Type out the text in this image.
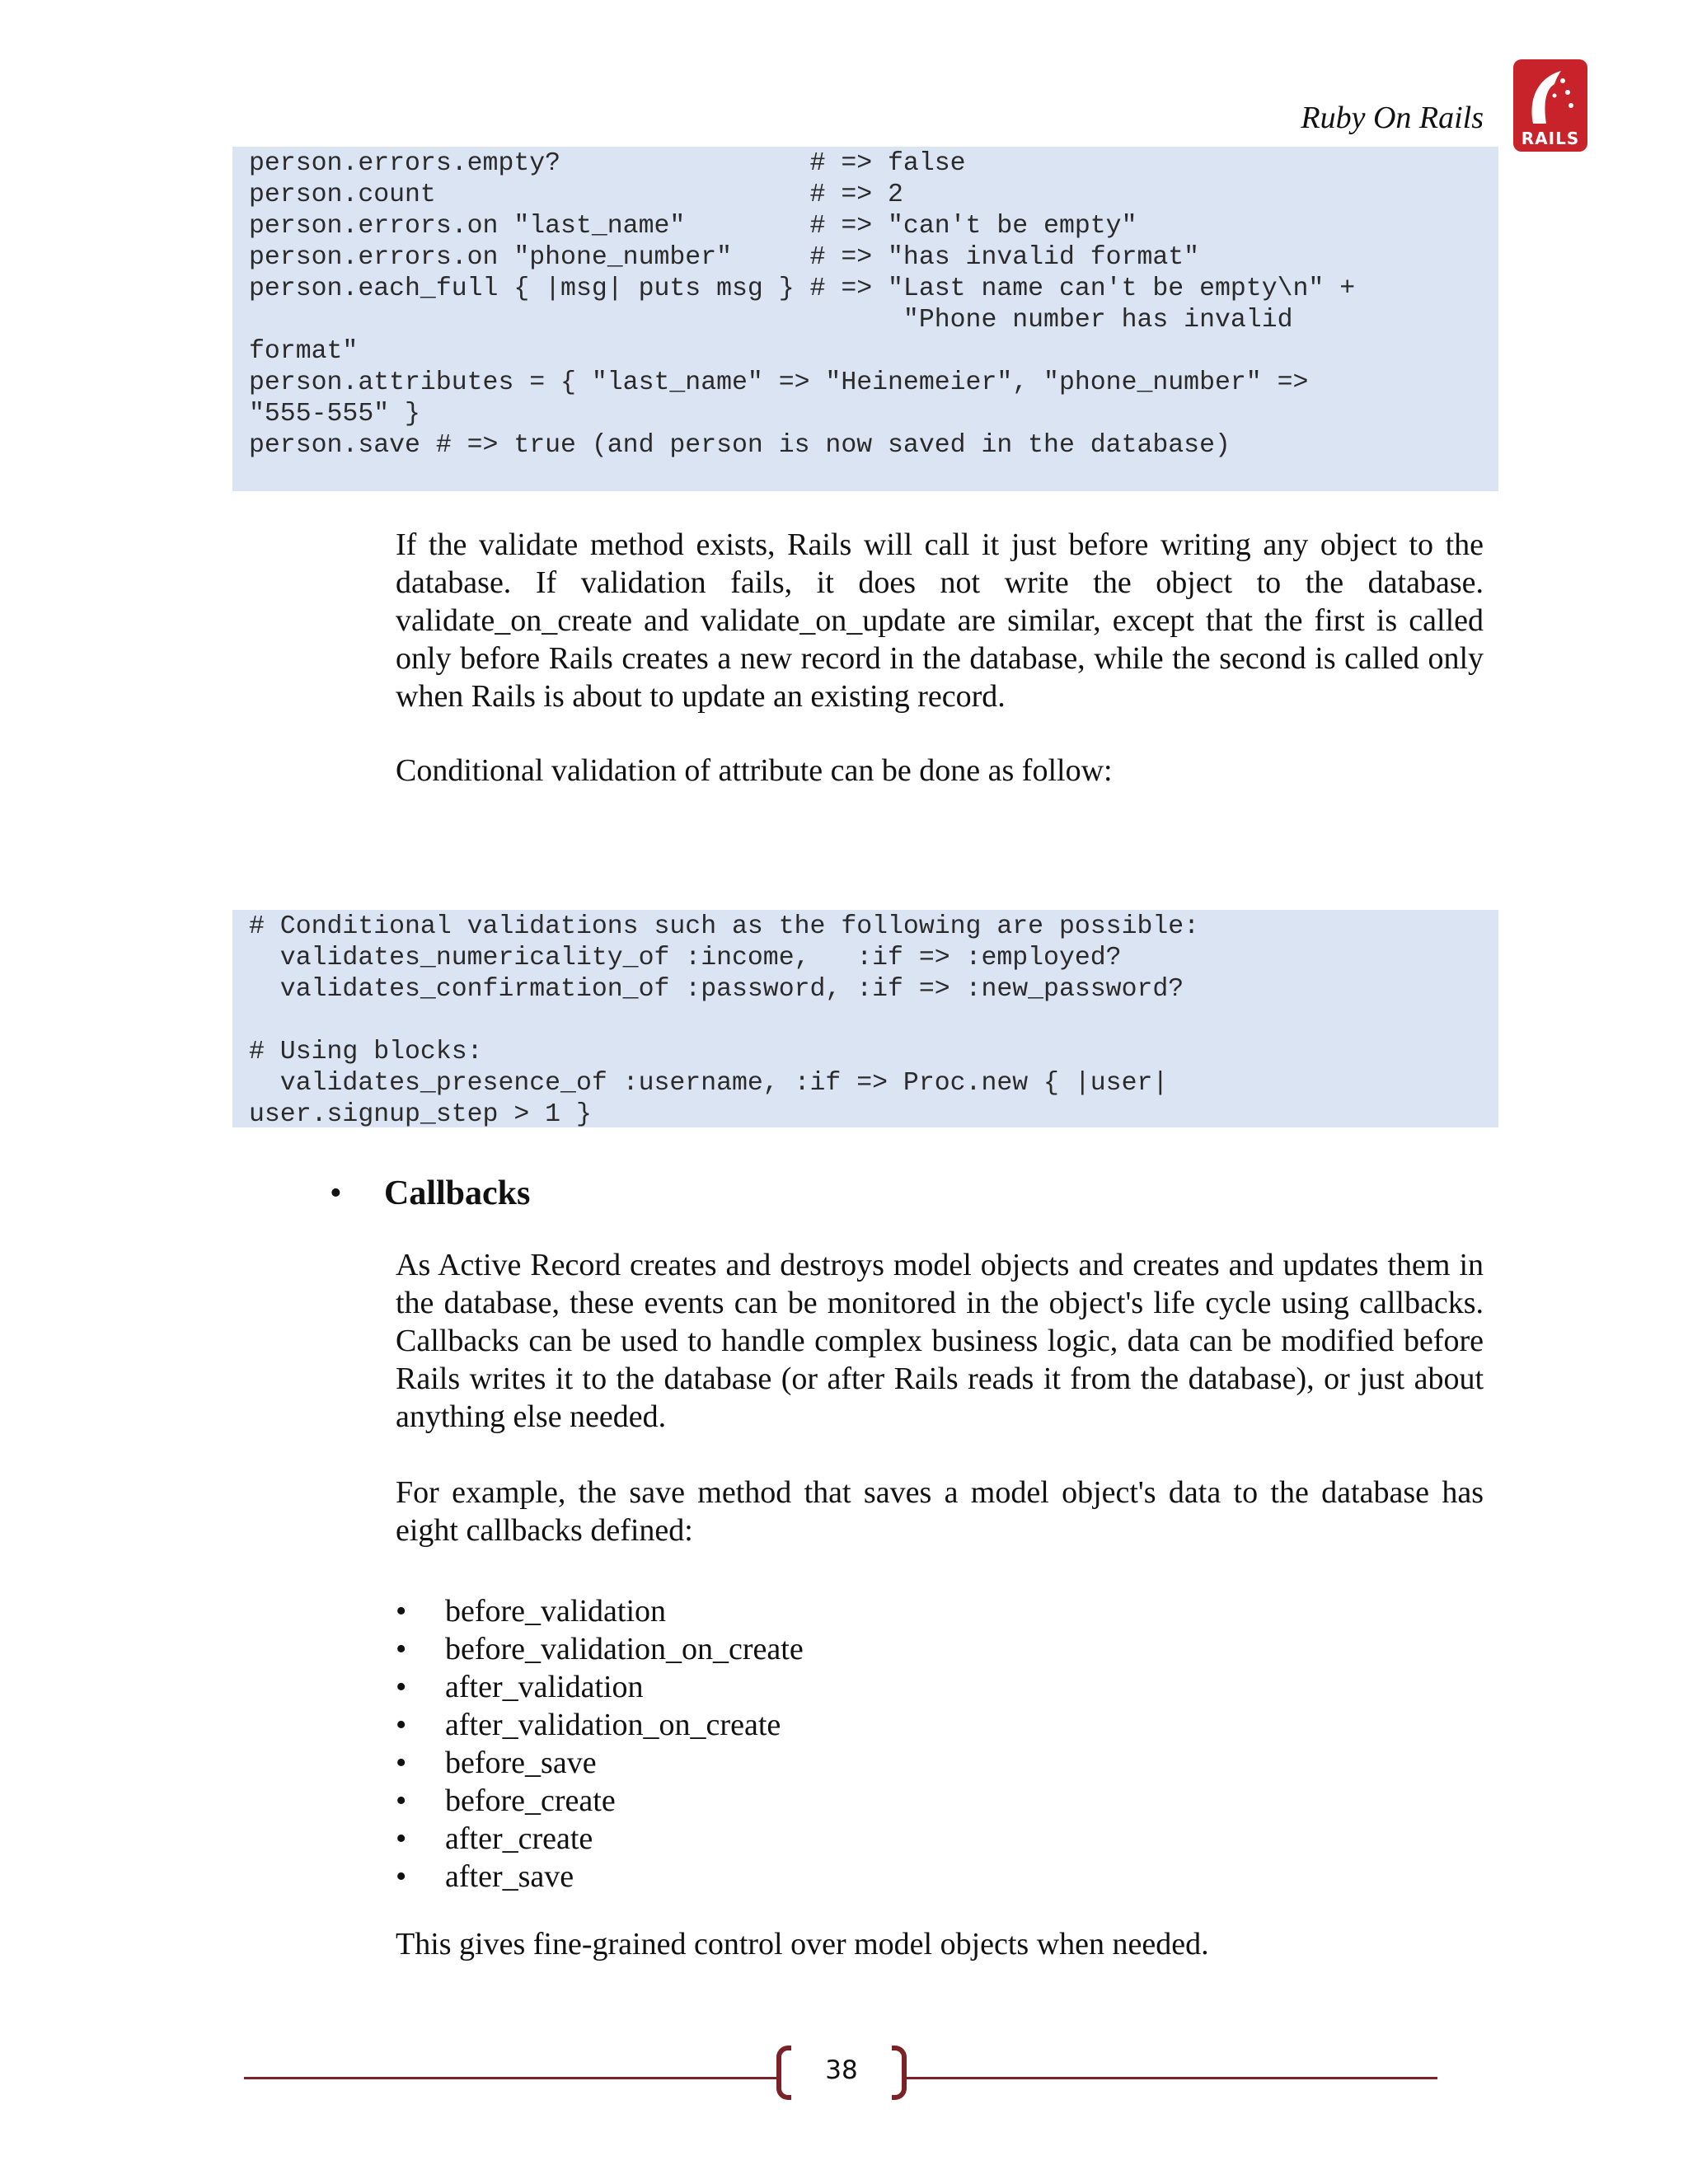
Ruby On Rails
RAILS
person.errors.empty?                # => false
person.count                        # => 2
person.errors.on "last_name"        # => "can't be empty"
person.errors.on "phone_number"     # => "has invalid format"
person.each_full { |msg| puts msg } # => "Last name can't be empty\n" +
"Phone number has invalid
format"
person.attributes = { "last_name" => "Heinemeier", "phone_number" =>
"555-555" }
person.save # => true (and person is now saved in the database)

If the validate method exists, Rails will call it just before writing any object to the database. If validation fails, it does not write the object to the database. validate_on_create and validate_on_update are similar, except that the first is called only before Rails creates a new record in the database, while the second is called only when Rails is about to update an existing record.

Conditional validation of attribute can be done as follow:

# Conditional validations such as the following are possible:
validates_numericality_of :income,   :if => :employed?
validates_confirmation_of :password, :if => :new_password?

# Using blocks:
validates_presence_of :username, :if => Proc.new { |user|
user.signup_step > 1 }
• Callbacks

As Active Record creates and destroys model objects and creates and updates them in the database, these events can be monitored in the object's life cycle using callbacks. Callbacks can be used to handle complex business logic, data can be modified before Rails writes it to the database (or after Rails reads it from the database), or just about anything else needed.

For example, the save method that saves a model object's data to the database has eight callbacks defined:

• before_validation
• before_validation_on_create
• after_validation
• after_validation_on_create
• before_save
• before_create
• after_create
• after_save

This gives fine-grained control over model objects when needed.

38
